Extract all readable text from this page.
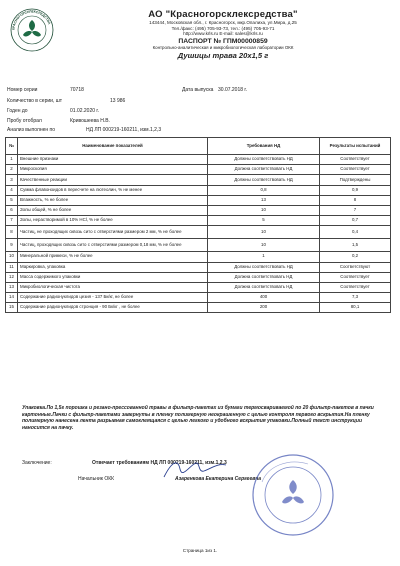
КРАСНОГОРСКЛЕКСРЕДСТВА
АО "Красногорсклексредства"
143444, Московская обл., г. Красногорск, мкр.Опалиха, ул.Мира, д.25
Тел./факс: (495) 705-93-73, тел.: (495) 705-93-71
http://www.krls.ru E-mail: sales@krls.ru
ПАСПОРТ № ГПМ00000859
Контрольно-аналитическая и микробиологическая лаборатории ОКК
Душицы трава 20х1,5 г
Номер серии	70718	Дата выпуска 30.07.2018 г.
Количество в серии, шт	13 986
Годен до	01.02.2020 г.
Пробу отобрал	Кривошеева Н.В.
Анализ выполнен по	НД ЛП 000219-160211, изм.1,2,3
№	Наименование показателей	Требования НД	Результаты испытаний
1	Внешние признаки	Должны соответствовать НД	Соответствует
2	Микроскопия	Должна соответствовать НД	Соответствует
3	Качественные реакции	Должны соответствовать НД	Подтверждены
4	Сумма флавоноидов в пересчете на лютеолин, % не менее	0,8	0,9
5	Влажность, % не более	13	8
6	Золы общей, % не более	10	7
7	Золы, нерастворимой в 10% HCl, % не более	5	0,7
8	Частиц, не проходящих сквозь сито с отверстиями размером 2 мм, % не более	10	0,4
9	Частиц, проходящих сквозь сито с отверстиями размером 0,18 мм, % не более	10	1,5
10	Минеральной примеси, % не более	1	0,2
11	Маркировка, упаковка	Должны соответствовать НД	Соответствуют
12	Масса содержимого упаковки	Должна соответствовать НД	Соответствует
13	Микробиологическая чистота	Должна соответствовать НД	Соответствует
14	Содержание радионуклидов цезия - 137 Бк/кг, не более	400	7,3
15	Содержание радионуклидов стронция - 90 Бк/кг , не более	200	80,1
Упаковка.По 1,5г порошка и резано-прессованной травы в фильтр-пакетах из бумаги термосвариваемой по 20 фильтр-пакетов в пачки картонные.Пачки с фильтр-пакетами завернуты в пленку полимерную неокрашенную с целью контроля первого вскрытия.На пленку полимерную нанесена лента разрывная самоклеящаяся с целью легкого и удобного вскрытия упаковки.Полный текст инструкции наносится на пачку.
Заключение:	Отвечает требованиям НД ЛП 000219-160211, изм.1,2,3
Начальник ОКК	Азаренкова Екатерина Сергеевна
Страница 1из 1.
